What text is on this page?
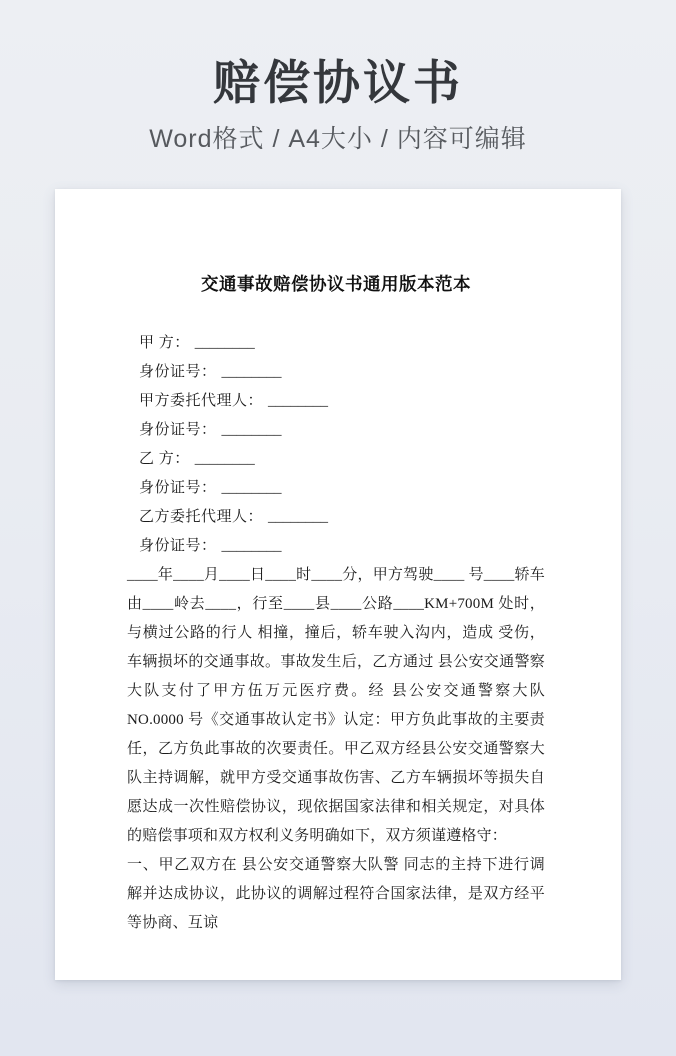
赔偿协议书
Word格式 / A4大小 / 内容可编辑
交通事故赔偿协议书通用版本范本
甲 方： ________
身份证号： ________
甲方委托代理人： ________
身份证号： ________
乙 方： ________
身份证号： ________
乙方委托代理人： ________
身份证号： ________

____年____月____日____时____分，甲方驾驶____ 号____轿车由____岭去____，行至____县____公路____KM+700M 处时，与横过公路的行人 相撞，撞后，轿车驶入沟内，造成 受伤，车辆损坏的交通事故。事故发生后，乙方通过 县公安交通警察大队支付了甲方伍万元医疗费。经 县公安交通警察大队 NO.0000 号《交通事故认定书》认定：甲方负此事故的主要责任，乙方负此事故的次要责任。甲乙双方经县公安交通警察大队主持调解，就甲方受交通事故伤害、乙方车辆损坏等损失自愿达成一次性赔偿协议，现依据国家法律和相关规定，对具体的赔偿事项和双方权利义务明确如下，双方须谨遵格守：

一、甲乙双方在 县公安交通警察大队警 同志的主持下进行调解并达成协议，此协议的调解过程符合国家法律，是双方经平等协商、互谅
